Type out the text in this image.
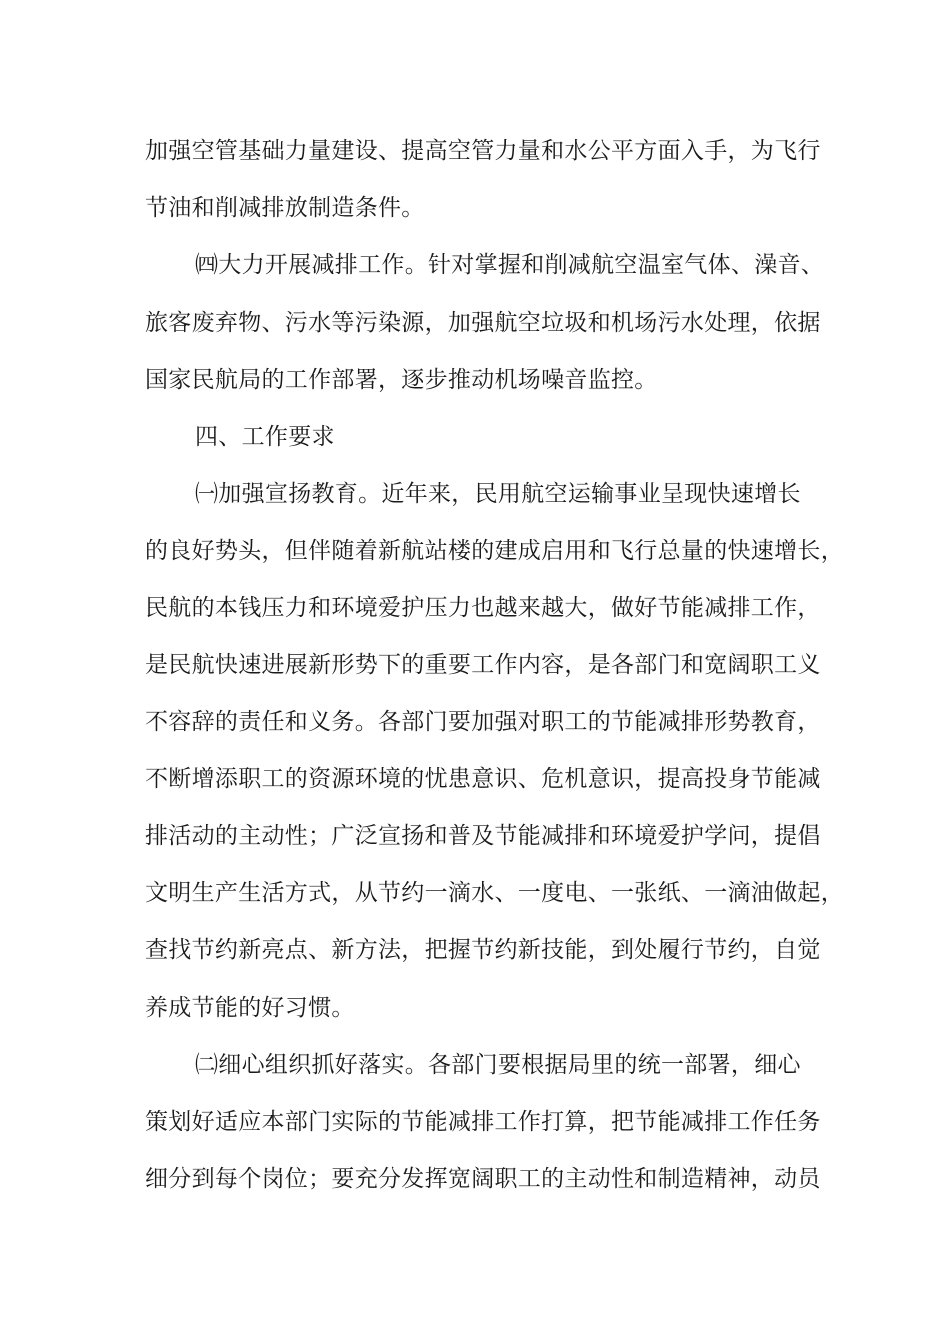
加强空管基础力量建设、提高空管力量和水公平方面入手，为飞行
节油和削减排放制造条件。
㈣大力开展减排工作。针对掌握和削减航空温室气体、澡音、
旅客废弃物、污水等污染源，加强航空垃圾和机场污水处理，依据
国家民航局的工作部署，逐步推动机场噪音监控。
四、工作要求
㈠加强宣扬教育。近年来，民用航空运输事业呈现快速增长
的良好势头，但伴随着新航站楼的建成启用和飞行总量的快速增长，
民航的本钱压力和环境爱护压力也越来越大，做好节能减排工作，
是民航快速进展新形势下的重要工作内容，是各部门和宽阔职工义
不容辞的责任和义务。各部门要加强对职工的节能减排形势教育，
不断增添职工的资源环境的忧患意识、危机意识，提高投身节能减
排活动的主动性；广泛宣扬和普及节能减排和环境爱护学问，提倡
文明生产生活方式，从节约一滴水、一度电、一张纸、一滴油做起，
查找节约新亮点、新方法，把握节约新技能，到处履行节约，自觉
养成节能的好习惯。
㈡细心组织抓好落实。各部门要根据局里的统一部署，细心
策划好适应本部门实际的节能减排工作打算，把节能减排工作任务
细分到每个岗位；要充分发挥宽阔职工的主动性和制造精神，动员
